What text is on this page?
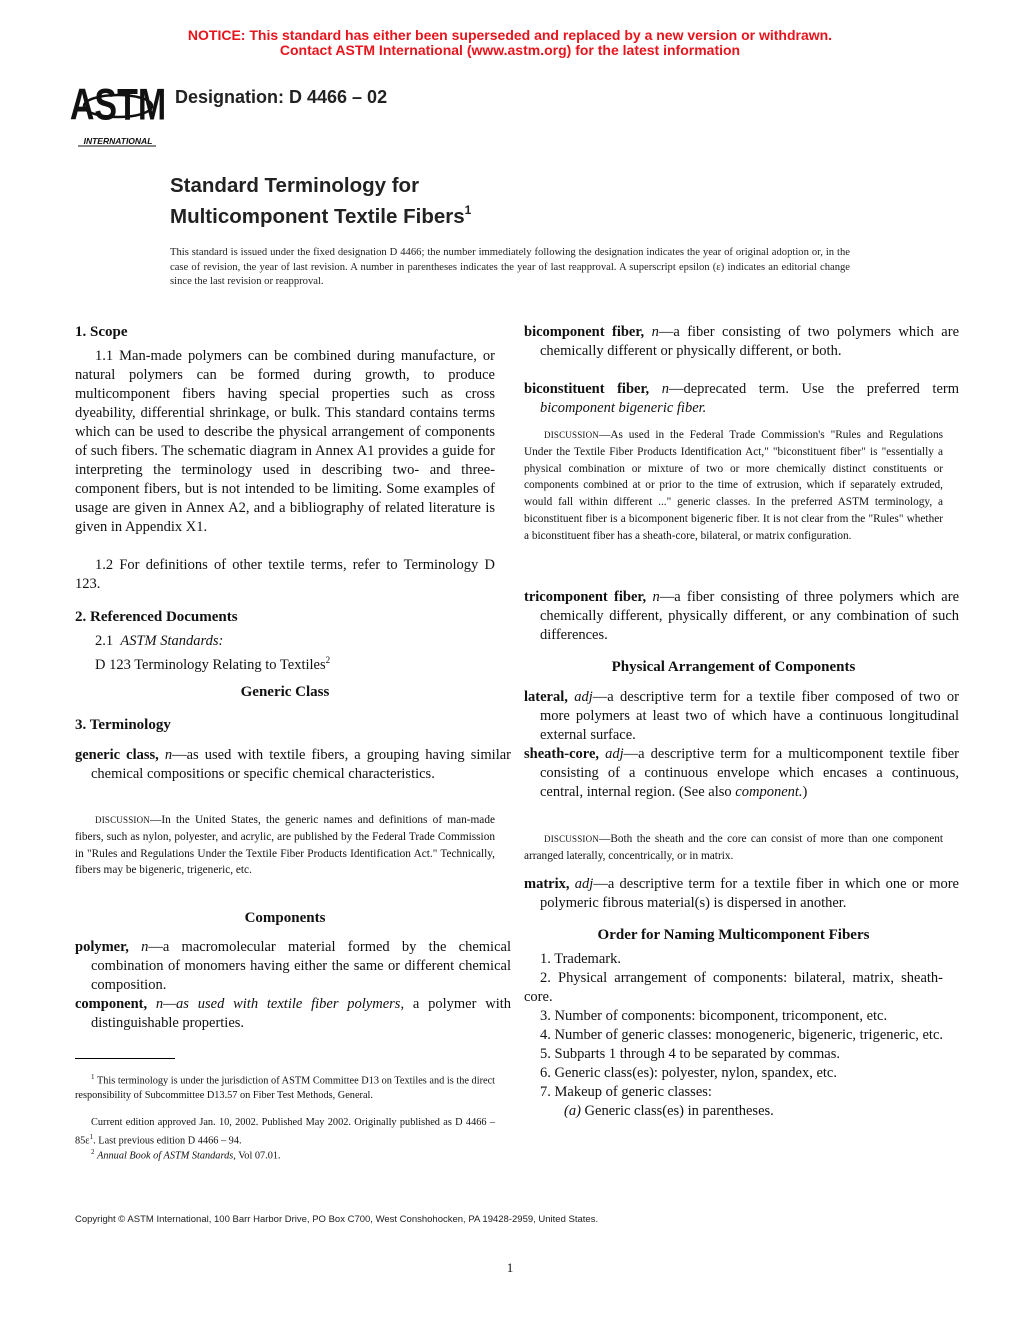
NOTICE: This standard has either been superseded and replaced by a new version or withdrawn.
Contact ASTM International (www.astm.org) for the latest information
ASTM
INTERNATIONAL
Designation: D 4466 – 02
Standard Terminology for
Multicomponent Textile Fibers$^1$
This standard is issued under the fixed designation D 4466; the number immediately following the designation indicates the year of original adoption or, in the case of revision, the year of last revision. A number in parentheses indicates the year of last reapproval. A superscript epsilon (ε) indicates an editorial change since the last revision or reapproval.
1. Scope
1.1 Man-made polymers can be combined during manufacture, or natural polymers can be formed during growth, to produce multicomponent fibers having special properties such as cross dyeability, differential shrinkage, or bulk. This standard contains terms which can be used to describe the physical arrangement of components of such fibers. The schematic diagram in Annex A1 provides a guide for interpreting the terminology used in describing two- and three-component fibers, but is not intended to be limiting. Some examples of usage are given in Annex A2, and a bibliography of related literature is given in Appendix X1.
1.2 For definitions of other textile terms, refer to Terminology D 123.
2. Referenced Documents
2.1 ASTM Standards:
D 123 Terminology Relating to Textiles$^2$
Generic Class
3. Terminology
generic class, n—as used with textile fibers, a grouping having similar chemical compositions or specific chemical characteristics.
DISCUSSION—In the United States, the generic names and definitions of man-made fibers, such as nylon, polyester, and acrylic, are published by the Federal Trade Commission in "Rules and Regulations Under the Textile Fiber Products Identification Act." Technically, fibers may be bigeneric, trigeneric, etc.
Components
polymer, n—a macromolecular material formed by the chemical combination of monomers having either the same or different chemical composition.
component, n—as used with textile fiber polymers, a polymer with distinguishable properties.
$^1$ This terminology is under the jurisdiction of ASTM Committee D13 on Textiles and is the direct responsibility of Subcommittee D13.57 on Fiber Test Methods, General.
Current edition approved Jan. 10, 2002. Published May 2002. Originally published as D $4466 - 85\varepsilon^1$. Last previous edition D 4466 – 94.
$^2$ Annual Book of ASTM Standards, Vol 07.01.
bicomponent fiber, n—a fiber consisting of two polymers which are chemically different or physically different, or both.
biconstituent fiber, n—deprecated term. Use the preferred term bicomponent bigeneric fiber.
DISCUSSION—As used in the Federal Trade Commission's "Rules and Regulations Under the Textile Fiber Products Identification Act," "biconstituent fiber" is "essentially a physical combination or mixture of two or more chemically distinct constituents or components combined at or prior to the time of extrusion, which if separately extruded, would fall within different ..." generic classes. In the preferred ASTM terminology, a biconstituent fiber is a bicomponent bigeneric fiber. It is not clear from the "Rules" whether a biconstituent fiber has a sheath-core, bilateral, or matrix configuration.
tricomponent fiber, n—a fiber consisting of three polymers which are chemically different, physically different, or any combination of such differences.
Physical Arrangement of Components
lateral, adj—a descriptive term for a textile fiber composed of two or more polymers at least two of which have a continuous longitudinal external surface.
sheath-core, adj—a descriptive term for a multicomponent textile fiber consisting of a continuous envelope which encases a continuous, central, internal region. (See also component.)
DISCUSSION—Both the sheath and the core can consist of more than one component arranged laterally, concentrically, or in matrix.
matrix, adj—a descriptive term for a textile fiber in which one or more polymeric fibrous material(s) is dispersed in another.
Order for Naming Multicomponent Fibers
1. Trademark.
2. Physical arrangement of components: bilateral, matrix, sheath-core.
3. Number of components: bicomponent, tricomponent, etc.
4. Number of generic classes: monogeneric, bigeneric, trigeneric, etc.
5. Subparts 1 through 4 to be separated by commas.
6. Generic class(es): polyester, nylon, spandex, etc.
7. Makeup of generic classes:
(a) Generic class(es) in parentheses.
Copyright © ASTM International, 100 Barr Harbor Drive, PO Box C700, West Conshohocken, PA 19428-2959, United States.
1
